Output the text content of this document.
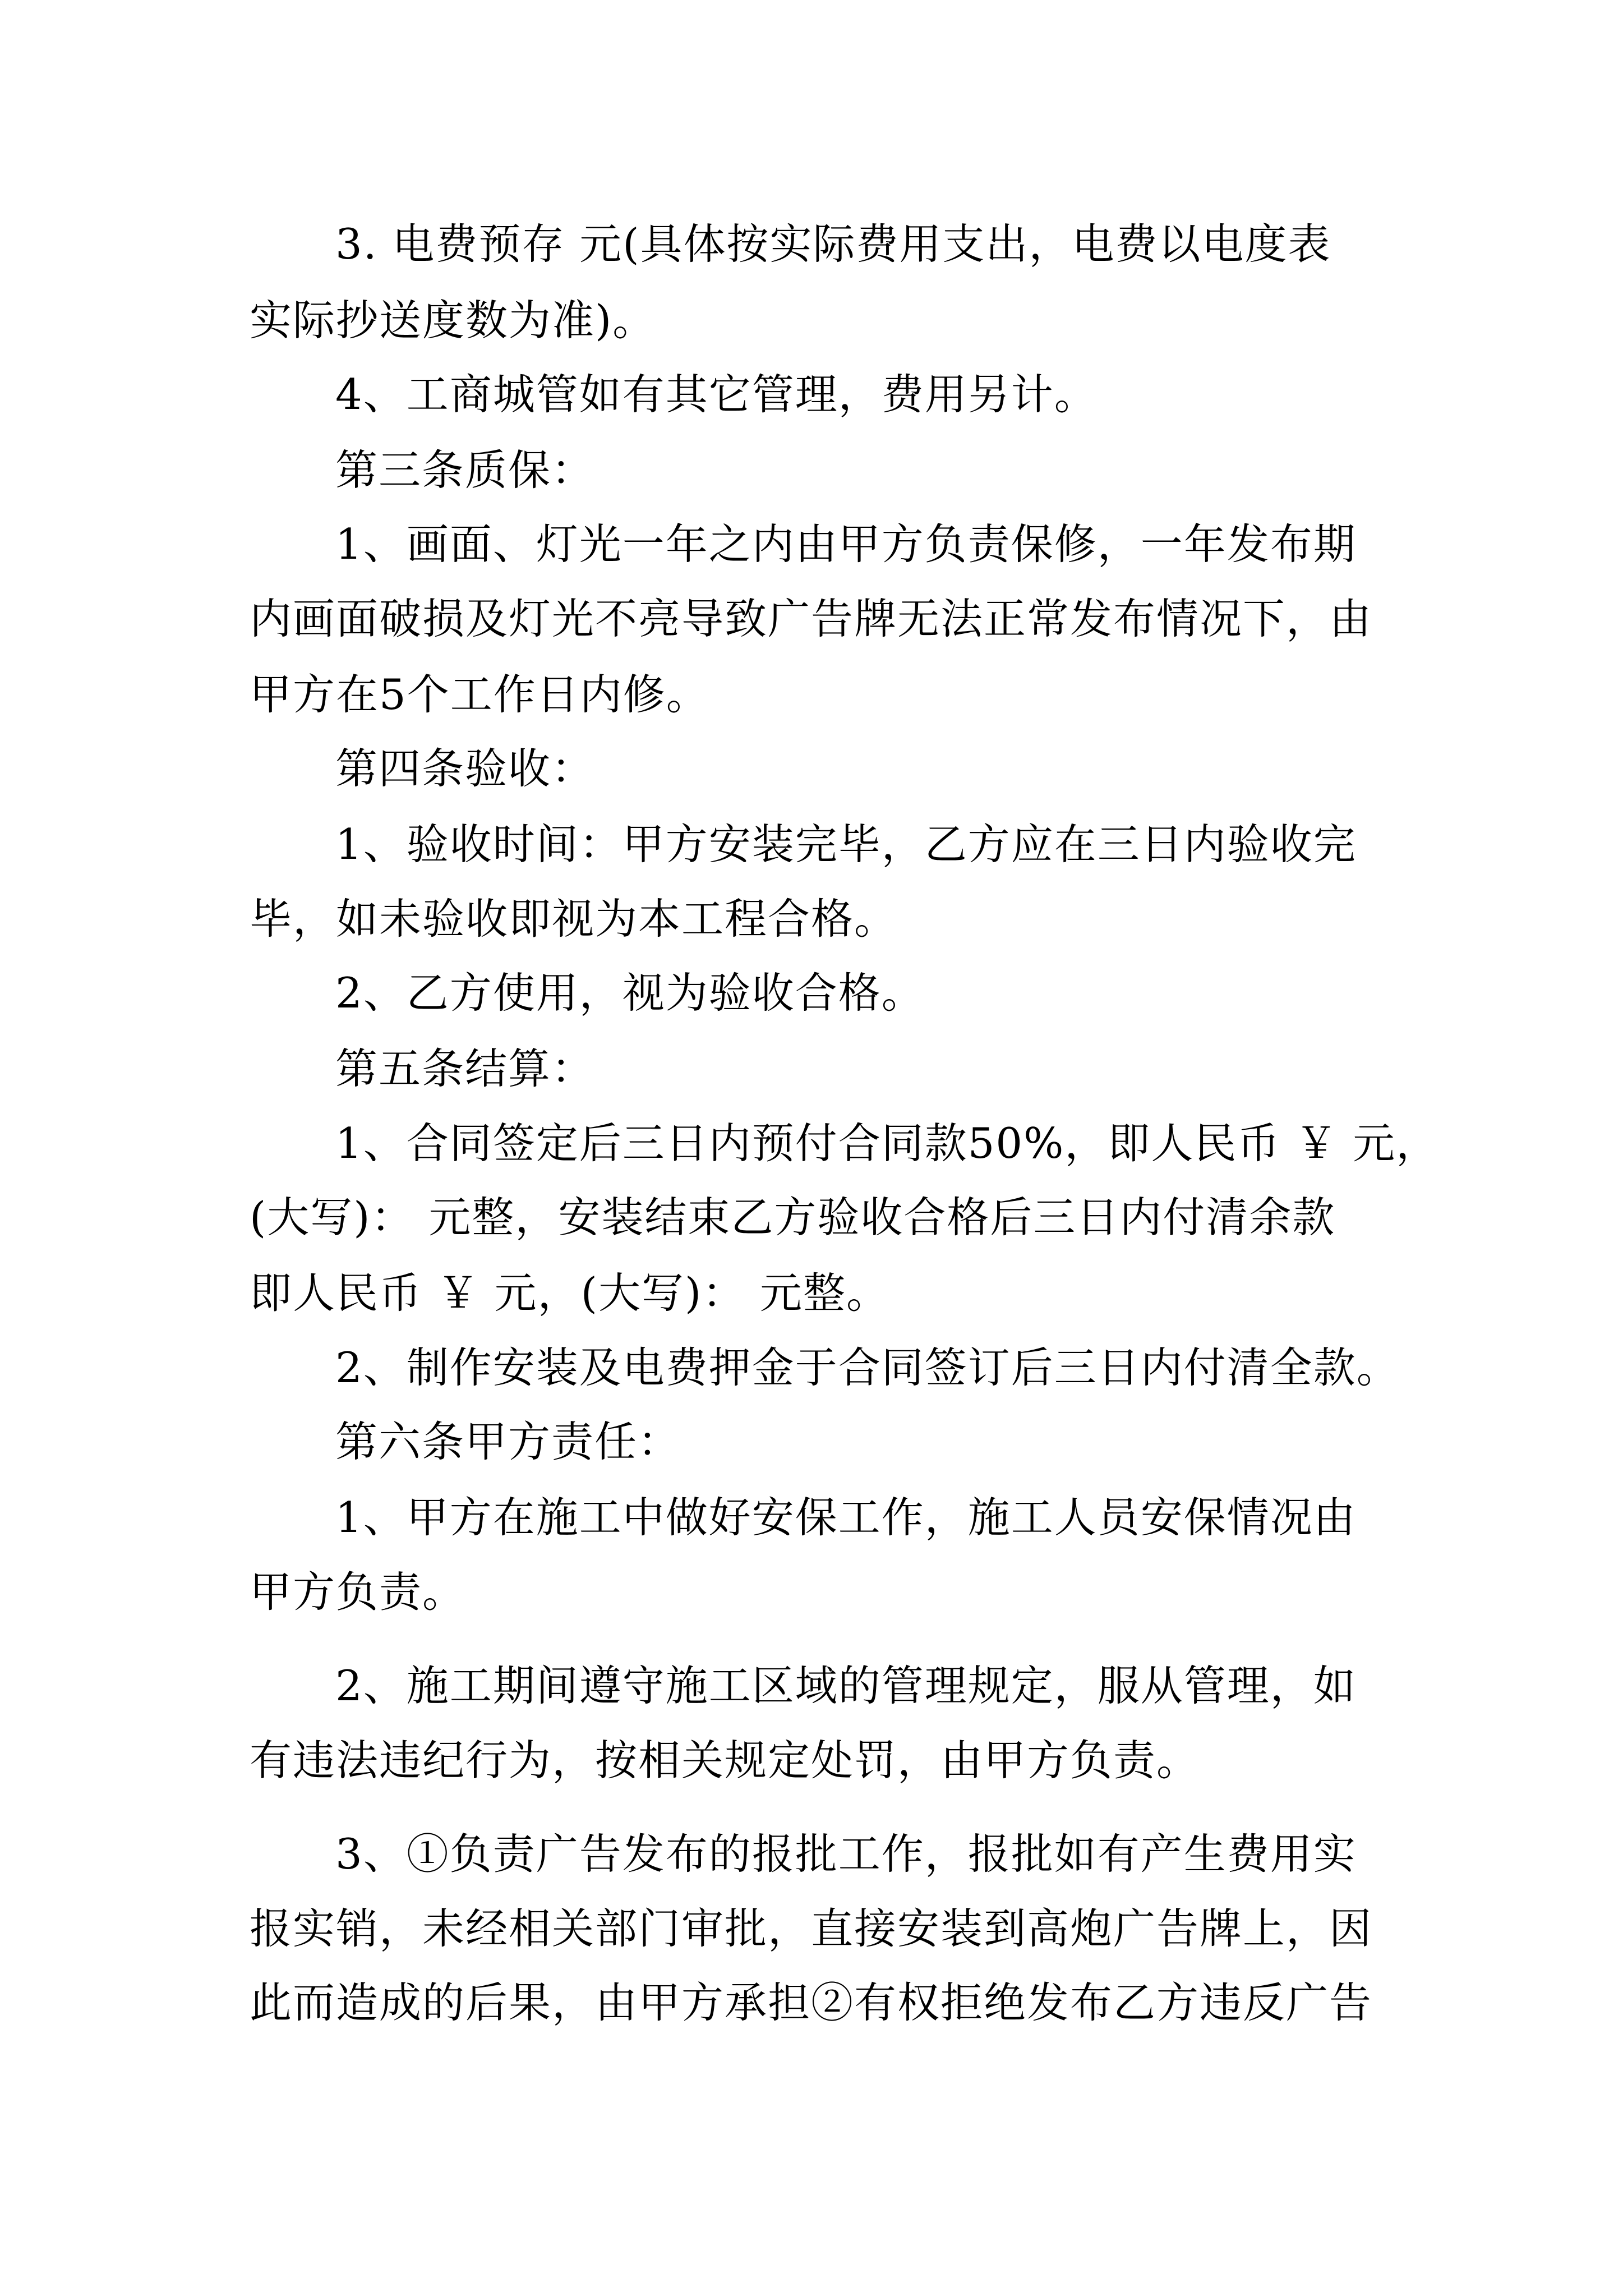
3. 电费预存 元(具体按实际费用支出，电费以电度表
实际抄送度数为准)。
4、工商城管如有其它管理，费用另计。
第三条质保：
1、画面、灯光一年之内由甲方负责保修，一年发布期
内画面破损及灯光不亮导致广告牌无法正常发布情况下，由
甲方在5个工作日内修。
第四条验收：
1、验收时间：甲方安装完毕，乙方应在三日内验收完
毕，如未验收即视为本工程合格。
2、乙方使用，视为验收合格。
第五条结算：
1、合同签定后三日内预付合同款50%，即人民币 ￥ 元，
(大写)： 元整，安装结束乙方验收合格后三日内付清余款
即人民币 ￥ 元，(大写)： 元整。
2、制作安装及电费押金于合同签订后三日内付清全款。
第六条甲方责任：
1、甲方在施工中做好安保工作，施工人员安保情况由
甲方负责。
2、施工期间遵守施工区域的管理规定，服从管理，如
有违法违纪行为，按相关规定处罚，由甲方负责。
3、①负责广告发布的报批工作，报批如有产生费用实
报实销，未经相关部门审批，直接安装到高炮广告牌上，因
此而造成的后果，由甲方承担②有权拒绝发布乙方违反广告
